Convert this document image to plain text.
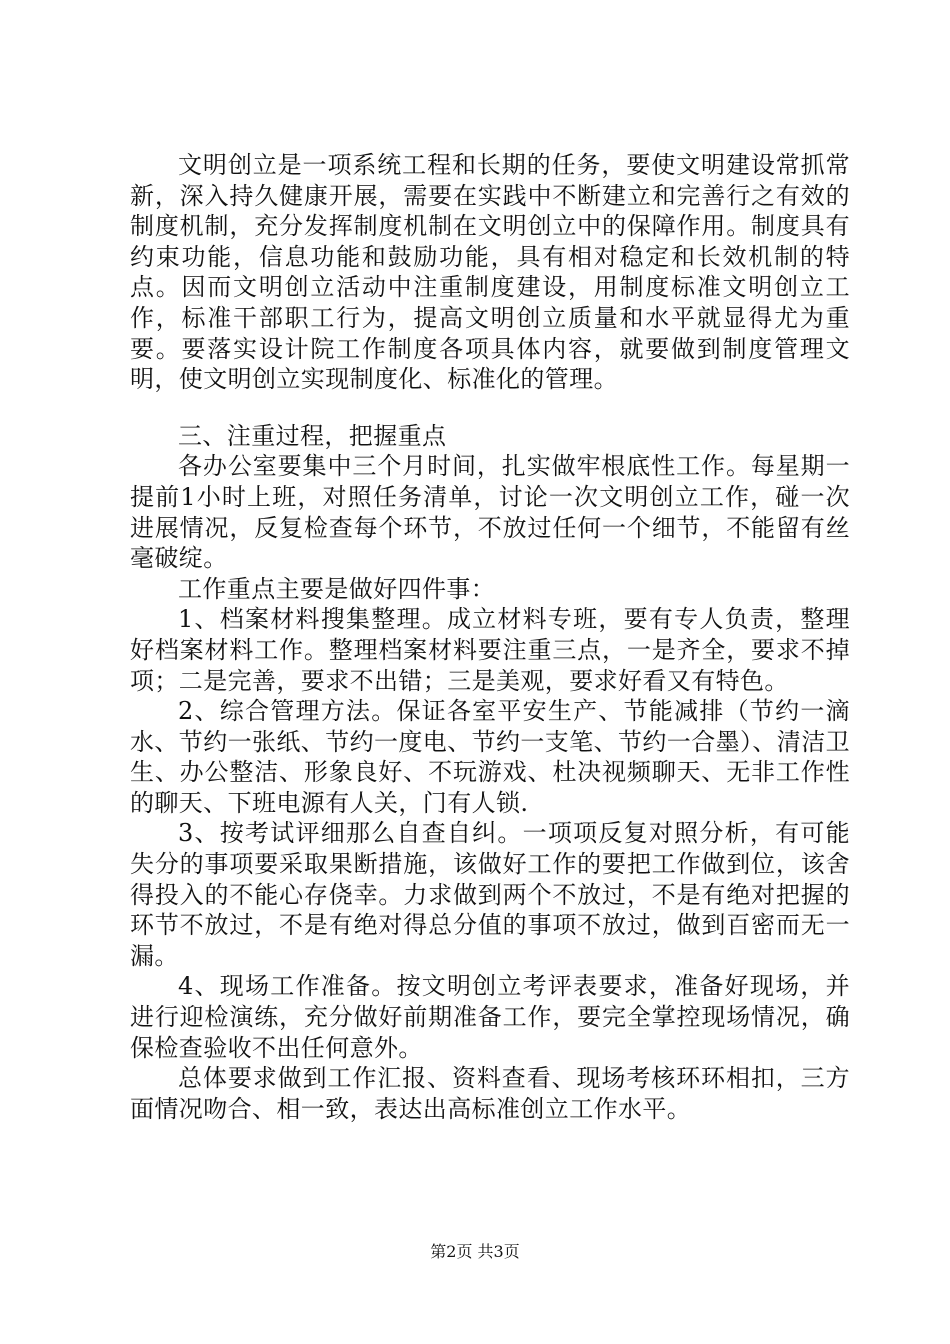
文明创立是一项系统工程和长期的任务，要使文明建设常抓常新，深入持久健康开展，需要在实践中不断建立和完善行之有效的制度机制，充分发挥制度机制在文明创立中的保障作用。制度具有约束功能，信息功能和鼓励功能，具有相对稳定和长效机制的特点。因而文明创立活动中注重制度建设，用制度标准文明创立工作，标准干部职工行为，提高文明创立质量和水平就显得尤为重要。要落实设计院工作制度各项具体内容，就要做到制度管理文明，使文明创立实现制度化、标准化的管理。

三、注重过程，把握重点

各办公室要集中三个月时间，扎实做牢根底性工作。每星期一提前1小时上班，对照任务清单，讨论一次文明创立工作，碰一次进展情况，反复检查每个环节，不放过任何一个细节，不能留有丝毫破绽。

工作重点主要是做好四件事：

1、档案材料搜集整理。成立材料专班，要有专人负责，整理好档案材料工作。整理档案材料要注重三点，一是齐全，要求不掉项；二是完善，要求不出错；三是美观，要求好看又有特色。

2、综合管理方法。保证各室平安生产、节能减排（节约一滴水、节约一张纸、节约一度电、节约一支笔、节约一合墨）、清洁卫生、办公整洁、形象良好、不玩游戏、杜决视频聊天、无非工作性的聊天、下班电源有人关，门有人锁.

3、按考试评细那么自查自纠。一项项反复对照分析，有可能失分的事项要采取果断措施，该做好工作的要把工作做到位，该舍得投入的不能心存侥幸。力求做到两个不放过，不是有绝对把握的环节不放过，不是有绝对得总分值的事项不放过，做到百密而无一漏。

4、现场工作准备。按文明创立考评表要求，准备好现场，并进行迎检演练，充分做好前期准备工作，要完全掌控现场情况，确保检查验收不出任何意外。

总体要求做到工作汇报、资料查看、现场考核环环相扣，三方面情况吻合、相一致，表达出高标准创立工作水平。

第2页 共3页
